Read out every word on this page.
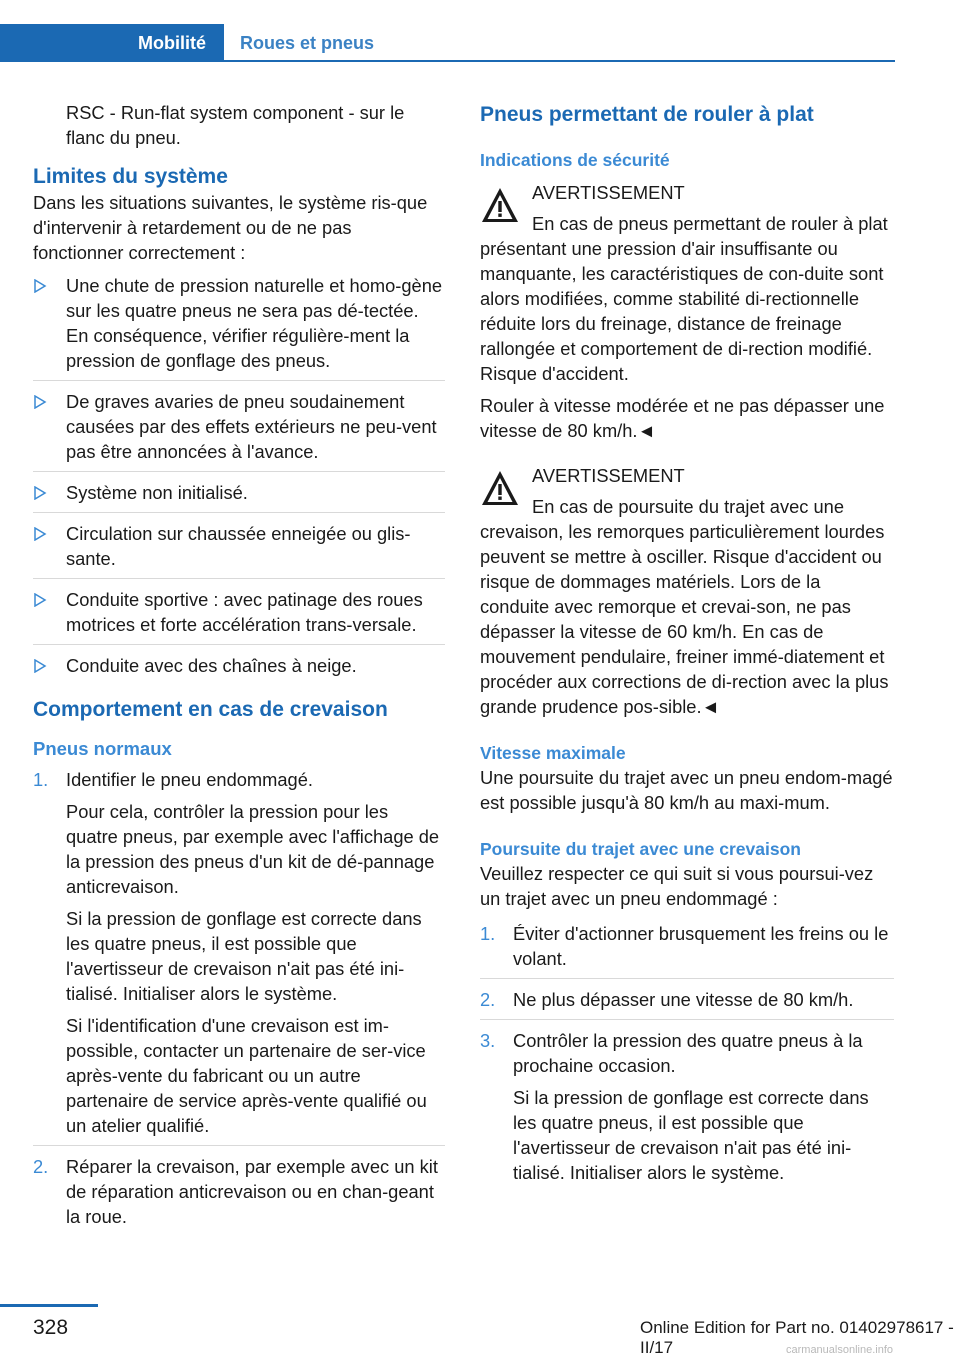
Mobilité	Roues et pneus

RSC - Run-flat system component - sur le flanc du pneu.

Limites du système

Dans les situations suivantes, le système ris-que d'intervenir à retardement ou de ne pas fonctionner correctement :

Une chute de pression naturelle et homo-gène sur les quatre pneus ne sera pas dé-tectée. En conséquence, vérifier régulière-ment la pression de gonflage des pneus.
De graves avaries de pneu soudainement causées par des effets extérieurs ne peu-vent pas être annoncées à l'avance.
Système non initialisé.
Circulation sur chaussée enneigée ou glis-sante.
Conduite sportive : avec patinage des roues motrices et forte accélération trans-versale.
Conduite avec des chaînes à neige.
Comportement en cas de crevaison
Pneus normaux
1. Identifier le pneu endommagé.
Pour cela, contrôler la pression pour les quatre pneus, par exemple avec l'affichage de la pression des pneus d'un kit de dé-pannage anticrevaison.
Si la pression de gonflage est correcte dans les quatre pneus, il est possible que l'avertisseur de crevaison n'ait pas été ini-tialisé. Initialiser alors le système.
Si l'identification d'une crevaison est im-possible, contacter un partenaire de ser-vice après-vente du fabricant ou un autre partenaire de service après-vente qualifié ou un atelier qualifié.
2. Réparer la crevaison, par exemple avec un kit de réparation anticrevaison ou en chan-geant la roue.
Pneus permettant de rouler à plat
Indications de sécurité
AVERTISSEMENT
En cas de pneus permettant de rouler à plat présentant une pression d'air insuffisante ou manquante, les caractéristiques de con-duite sont alors modifiées, comme stabilité di-rectionnelle réduite lors du freinage, distance de freinage rallongée et comportement de di-rection modifié. Risque d'accident.
Rouler à vitesse modérée et ne pas dépasser une vitesse de 80 km/h.◄
AVERTISSEMENT
En cas de poursuite du trajet avec une crevaison, les remorques particulièrement lourdes peuvent se mettre à osciller. Risque d'accident ou risque de dommages matériels. Lors de la conduite avec remorque et crevai-son, ne pas dépasser la vitesse de 60 km/h. En cas de mouvement pendulaire, freiner immé-diatement et procéder aux corrections de di-rection avec la plus grande prudence pos-sible.◄
Vitesse maximale

Une poursuite du trajet avec un pneu endom-magé est possible jusqu'à 80 km/h au maxi-mum.

Poursuite du trajet avec une crevaison

Veuillez respecter ce qui suit si vous poursui-vez un trajet avec un pneu endommagé :

1. Éviter d'actionner brusquement les freins ou le volant.
2. Ne plus dépasser une vitesse de 80 km/h.
3. Contrôler la pression des quatre pneus à la prochaine occasion.
Si la pression de gonflage est correcte dans les quatre pneus, il est possible que l'avertisseur de crevaison n'ait pas été ini-tialisé. Initialiser alors le système.
328	Online Edition for Part no. 01402978617 - II/17	carmanualsonline.info
